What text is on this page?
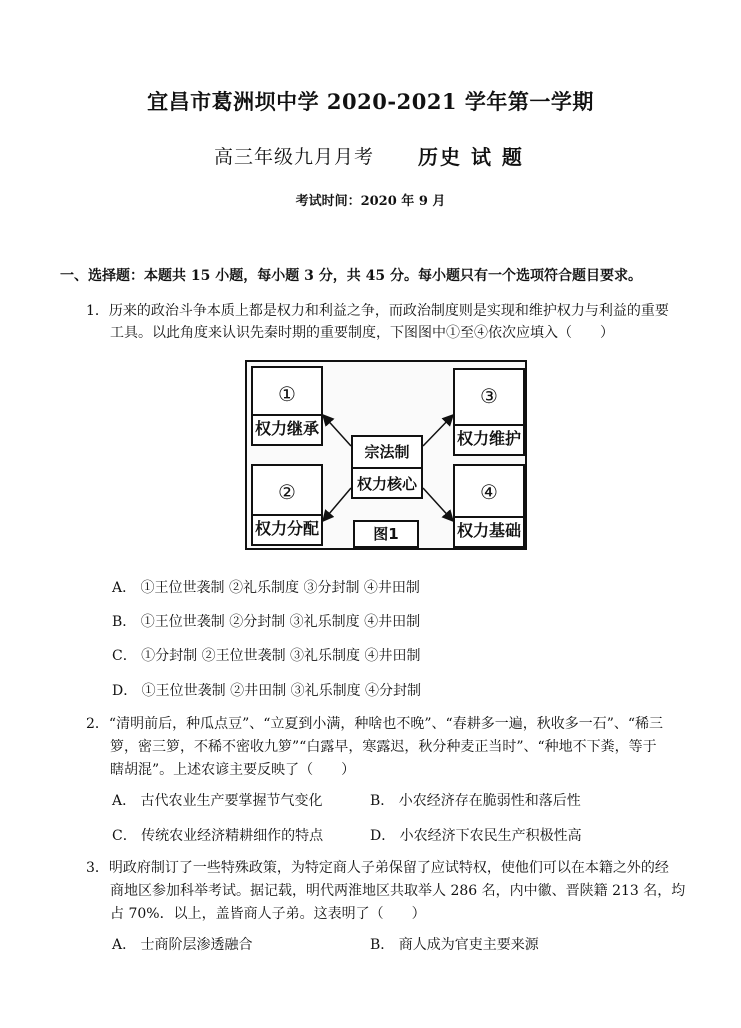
宜昌市葛洲坝中学 2020-2021 学年第一学期
高三年级九月月考 历史 试 题
考试时间：2020 年 9 月
一、选择题：本题共 15 小题，每小题 3 分，共 45 分。每小题只有一个选项符合题目要求。
1．历来的政治斗争本质上都是权力和利益之争，而政治制度则是实现和维护权力与利益的重要
工具。以此角度来认识先秦时期的重要制度，下图图中①至④依次应填入（　　）
①
权力继承
②
权力分配
③
权力维护
④
权力基础
宗法制
权力核心
图1
A． ①王位世袭制 ②礼乐制度 ③分封制 ④井田制
B． ①王位世袭制 ②分封制 ③礼乐制度 ④井田制
C． ①分封制 ②王位世袭制 ③礼乐制度 ④井田制
D． ①王位世袭制 ②井田制 ③礼乐制度 ④分封制
2．“清明前后，种瓜点豆”、“立夏到小满，种啥也不晚”、“春耕多一遍，秋收多一石”、“稀三
箩，密三箩，不稀不密收九箩”“白露早，寒露迟，秋分种麦正当时”、“种地不下粪，等于
瞎胡混”。上述农谚主要反映了（　　）
A． 古代农业生产要掌握节气变化	B． 小农经济存在脆弱性和落后性
C． 传统农业经济精耕细作的特点	D． 小农经济下农民生产积极性高
3．明政府制订了一些特殊政策，为特定商人子弟保留了应试特权，使他们可以在本籍之外的经
商地区参加科举考试。据记载，明代两淮地区共取举人 286 名，内中徽、晋陕籍 213 名，均
占 70%．以上，盖皆商人子弟。这表明了（　　）
A． 士商阶层渗透融合	B． 商人成为官吏主要来源
